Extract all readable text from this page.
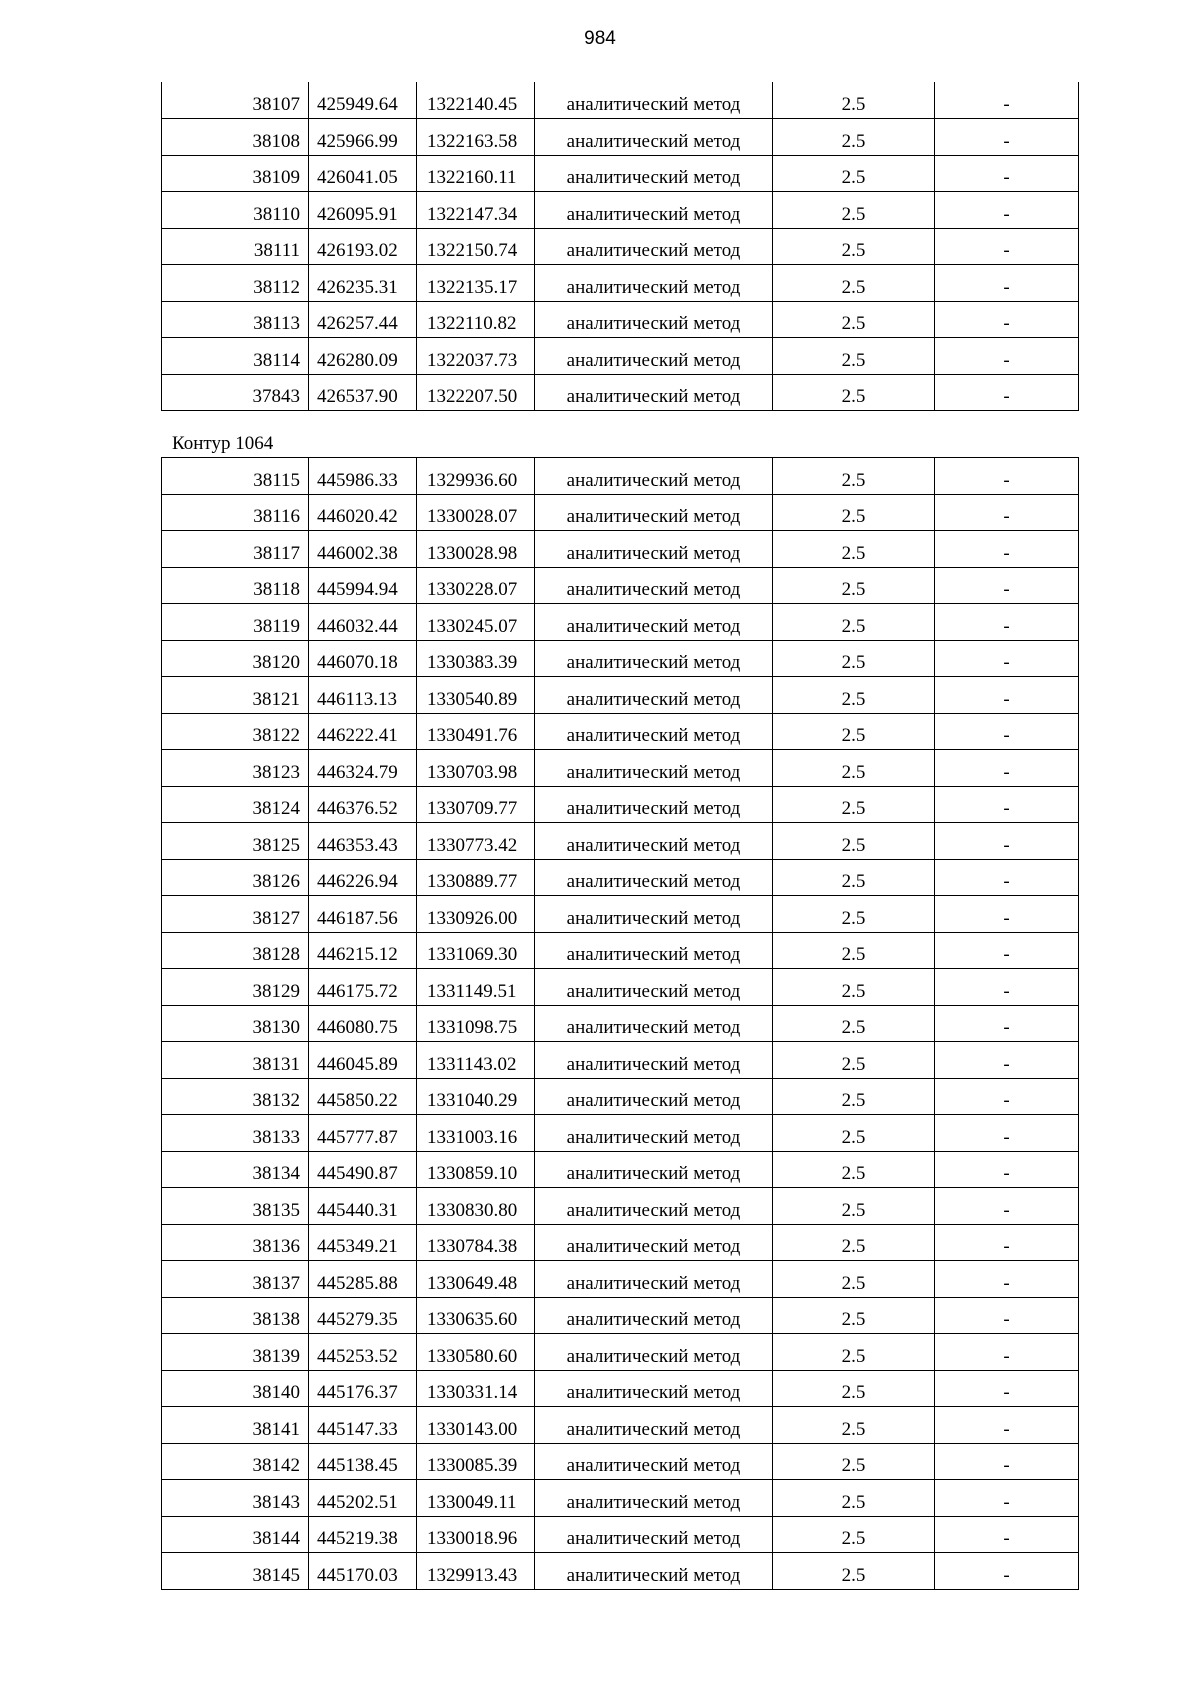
984
38107	425949.64	1322140.45	аналитический метод	2.5	-
38108	425966.99	1322163.58	аналитический метод	2.5	-
38109	426041.05	1322160.11	аналитический метод	2.5	-
38110	426095.91	1322147.34	аналитический метод	2.5	-
38111	426193.02	1322150.74	аналитический метод	2.5	-
38112	426235.31	1322135.17	аналитический метод	2.5	-
38113	426257.44	1322110.82	аналитический метод	2.5	-
38114	426280.09	1322037.73	аналитический метод	2.5	-
37843	426537.90	1322207.50	аналитический метод	2.5	-
Контур 1064
38115	445986.33	1329936.60	аналитический метод	2.5	-
38116	446020.42	1330028.07	аналитический метод	2.5	-
38117	446002.38	1330028.98	аналитический метод	2.5	-
38118	445994.94	1330228.07	аналитический метод	2.5	-
38119	446032.44	1330245.07	аналитический метод	2.5	-
38120	446070.18	1330383.39	аналитический метод	2.5	-
38121	446113.13	1330540.89	аналитический метод	2.5	-
38122	446222.41	1330491.76	аналитический метод	2.5	-
38123	446324.79	1330703.98	аналитический метод	2.5	-
38124	446376.52	1330709.77	аналитический метод	2.5	-
38125	446353.43	1330773.42	аналитический метод	2.5	-
38126	446226.94	1330889.77	аналитический метод	2.5	-
38127	446187.56	1330926.00	аналитический метод	2.5	-
38128	446215.12	1331069.30	аналитический метод	2.5	-
38129	446175.72	1331149.51	аналитический метод	2.5	-
38130	446080.75	1331098.75	аналитический метод	2.5	-
38131	446045.89	1331143.02	аналитический метод	2.5	-
38132	445850.22	1331040.29	аналитический метод	2.5	-
38133	445777.87	1331003.16	аналитический метод	2.5	-
38134	445490.87	1330859.10	аналитический метод	2.5	-
38135	445440.31	1330830.80	аналитический метод	2.5	-
38136	445349.21	1330784.38	аналитический метод	2.5	-
38137	445285.88	1330649.48	аналитический метод	2.5	-
38138	445279.35	1330635.60	аналитический метод	2.5	-
38139	445253.52	1330580.60	аналитический метод	2.5	-
38140	445176.37	1330331.14	аналитический метод	2.5	-
38141	445147.33	1330143.00	аналитический метод	2.5	-
38142	445138.45	1330085.39	аналитический метод	2.5	-
38143	445202.51	1330049.11	аналитический метод	2.5	-
38144	445219.38	1330018.96	аналитический метод	2.5	-
38145	445170.03	1329913.43	аналитический метод	2.5	-
